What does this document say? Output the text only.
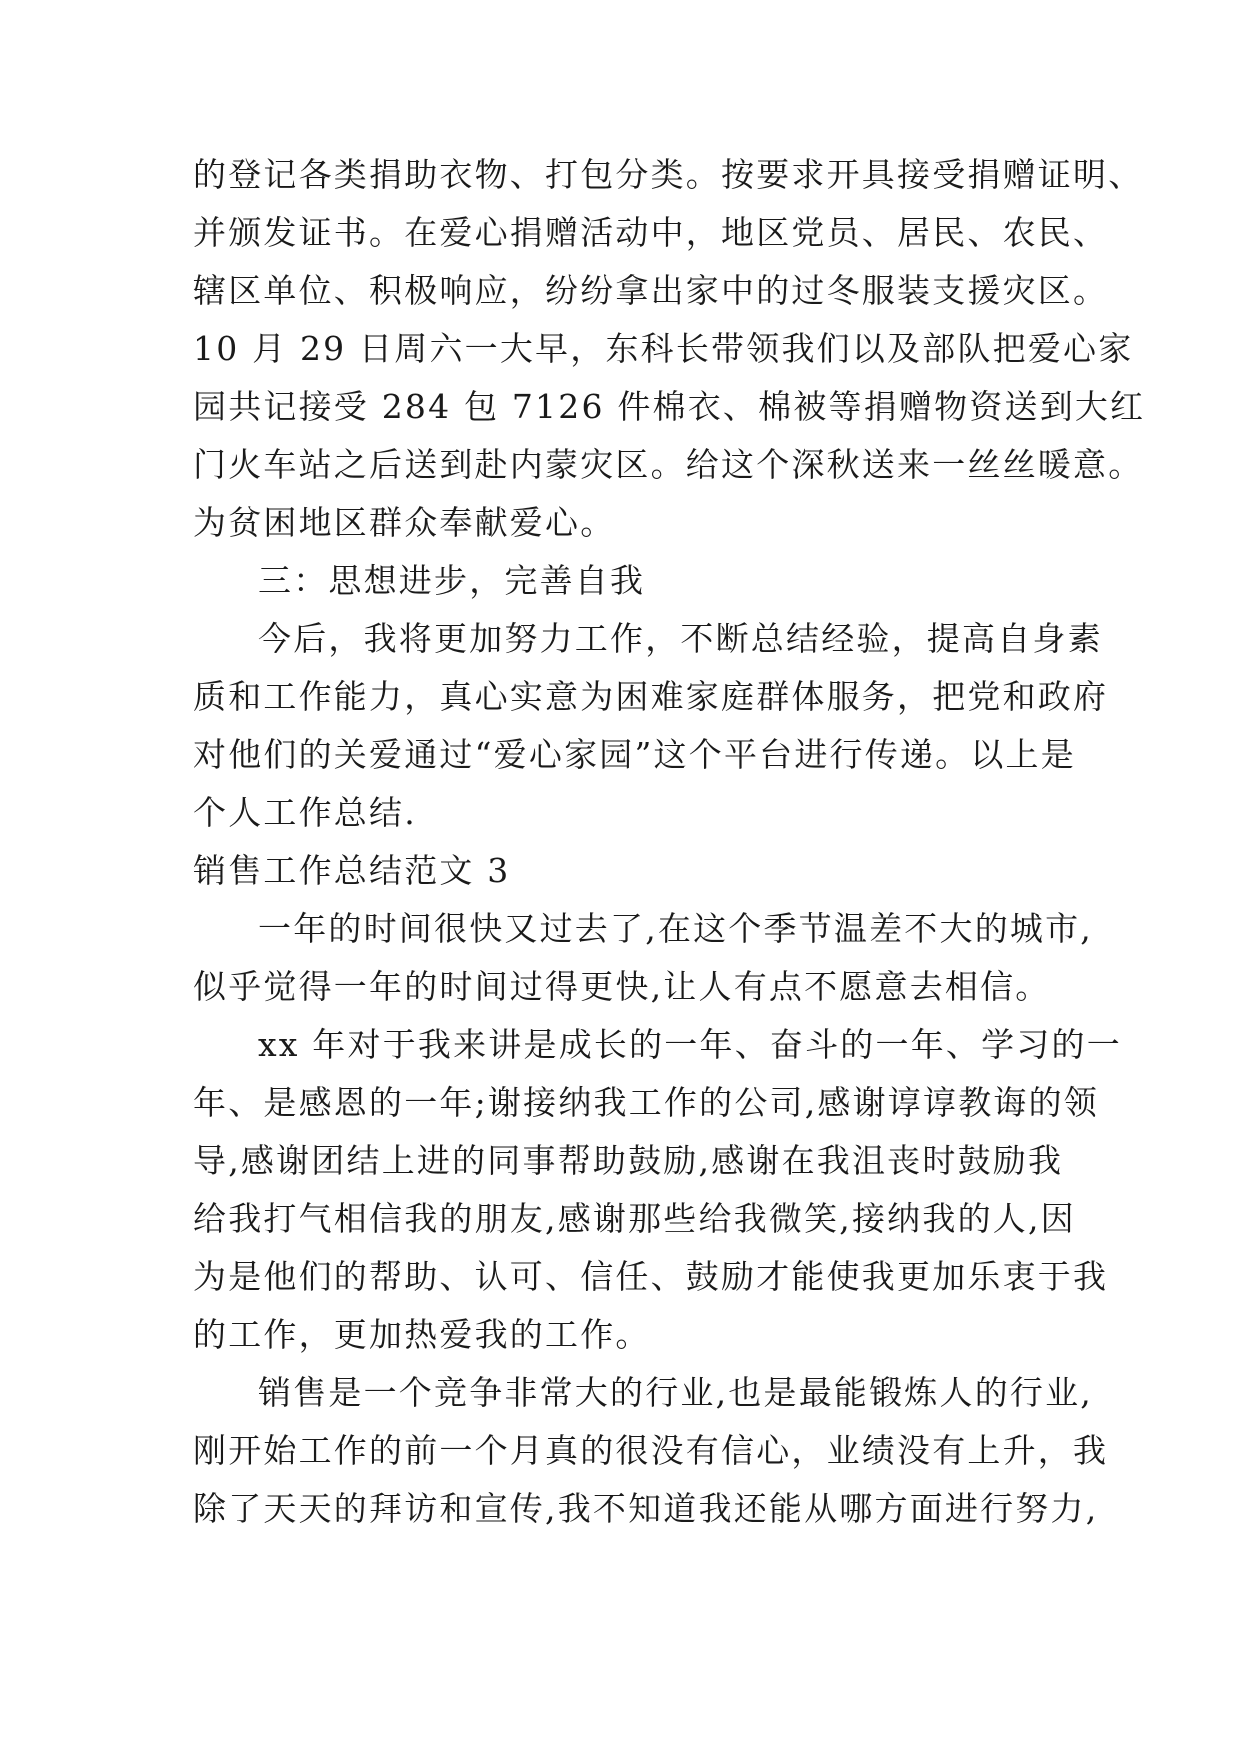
的登记各类捐助衣物、打包分类。按要求开具接受捐赠证明、
并颁发证书。在爱心捐赠活动中，地区党员、居民、农民、
辖区单位、积极响应，纷纷拿出家中的过冬服装支援灾区。
10 月 29 日周六一大早，东科长带领我们以及部队把爱心家
园共记接受 284 包 7126 件棉衣、棉被等捐赠物资送到大红
门火车站之后送到赴内蒙灾区。给这个深秋送来一丝丝暖意。
为贫困地区群众奉献爱心。
三：思想进步，完善自我
今后，我将更加努力工作，不断总结经验，提高自身素
质和工作能力，真心实意为困难家庭群体服务，把党和政府
对他们的关爱通过“爱心家园”这个平台进行传递。以上是
个人工作总结.
销售工作总结范文 3
一年的时间很快又过去了,在这个季节温差不大的城市,
似乎觉得一年的时间过得更快,让人有点不愿意去相信。
xx 年对于我来讲是成长的一年、奋斗的一年、学习的一
年、是感恩的一年;谢接纳我工作的公司,感谢谆谆教诲的领
导,感谢团结上进的同事帮助鼓励,感谢在我沮丧时鼓励我
给我打气相信我的朋友,感谢那些给我微笑,接纳我的人,因
为是他们的帮助、认可、信任、鼓励才能使我更加乐衷于我
的工作，更加热爱我的工作。
销售是一个竞争非常大的行业,也是最能锻炼人的行业,
刚开始工作的前一个月真的很没有信心，业绩没有上升，我
除了天天的拜访和宣传,我不知道我还能从哪方面进行努力,
